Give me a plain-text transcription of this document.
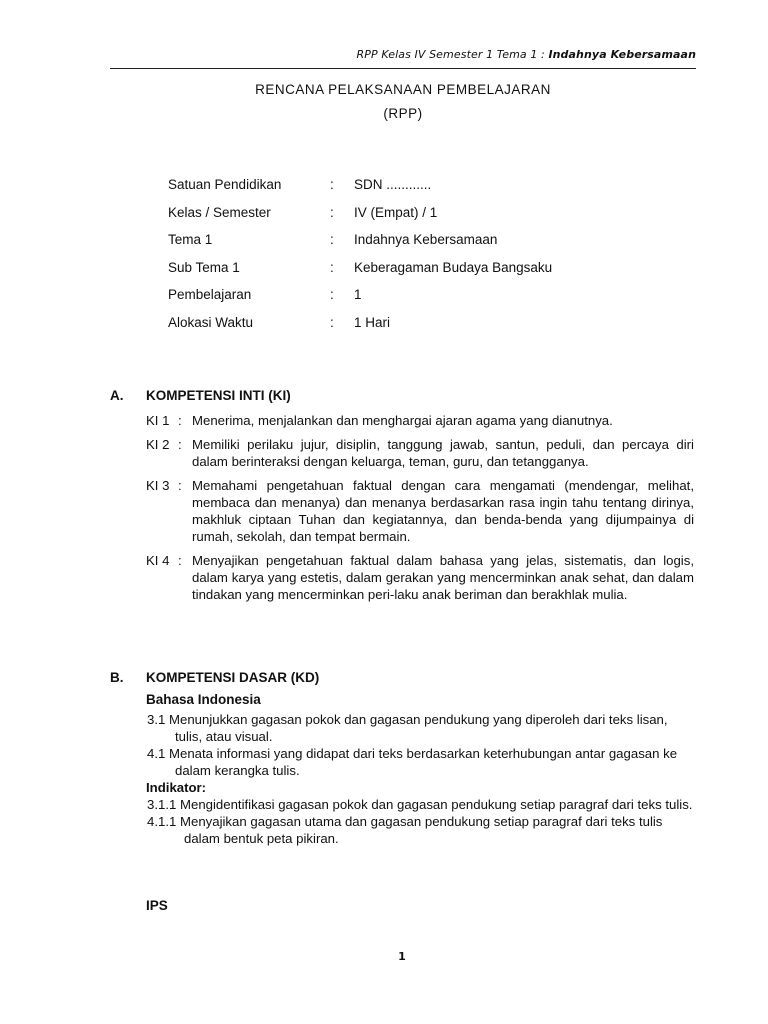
RPP Kelas IV Semester 1 Tema 1 : Indahnya Kebersamaan
RENCANA PELAKSANAAN PEMBELAJARAN
(RPP)
Satuan Pendidikan	:	SDN ............
Kelas / Semester	:	IV (Empat) / 1
Tema 1	:	Indahnya Kebersamaan
Sub Tema 1	:	Keberagaman Budaya Bangsaku
Pembelajaran	:	1
Alokasi Waktu	:	1 Hari
A.	KOMPETENSI INTI (KI)
KI 1 : Menerima, menjalankan dan menghargai ajaran agama yang dianutnya.
KI 2 : Memiliki perilaku jujur, disiplin, tanggung jawab, santun, peduli, dan percaya diri dalam berinteraksi dengan keluarga, teman, guru, dan tetangganya.
KI 3 : Memahami pengetahuan faktual dengan cara mengamati (mendengar, melihat, membaca dan menanya) dan menanya berdasarkan rasa ingin tahu tentang dirinya, makhluk ciptaan Tuhan dan kegiatannya, dan benda-benda yang dijumpainya di rumah, sekolah, dan tempat bermain.
KI 4 : Menyajikan pengetahuan faktual dalam bahasa yang jelas, sistematis, dan logis, dalam karya yang estetis, dalam gerakan yang mencerminkan anak sehat, dan dalam tindakan yang mencerminkan peri-laku anak beriman dan berakhlak mulia.
B.	KOMPETENSI DASAR (KD)
Bahasa Indonesia
3.1 Menunjukkan gagasan pokok dan gagasan pendukung yang diperoleh dari teks lisan, tulis, atau visual.
4.1 Menata informasi yang didapat dari teks berdasarkan keterhubungan antar gagasan ke dalam kerangka tulis.
Indikator:
3.1.1 Mengidentifikasi gagasan pokok dan gagasan pendukung setiap paragraf dari teks tulis.
4.1.1 Menyajikan gagasan utama dan gagasan pendukung setiap paragraf dari teks tulis dalam bentuk peta pikiran.
IPS
1
